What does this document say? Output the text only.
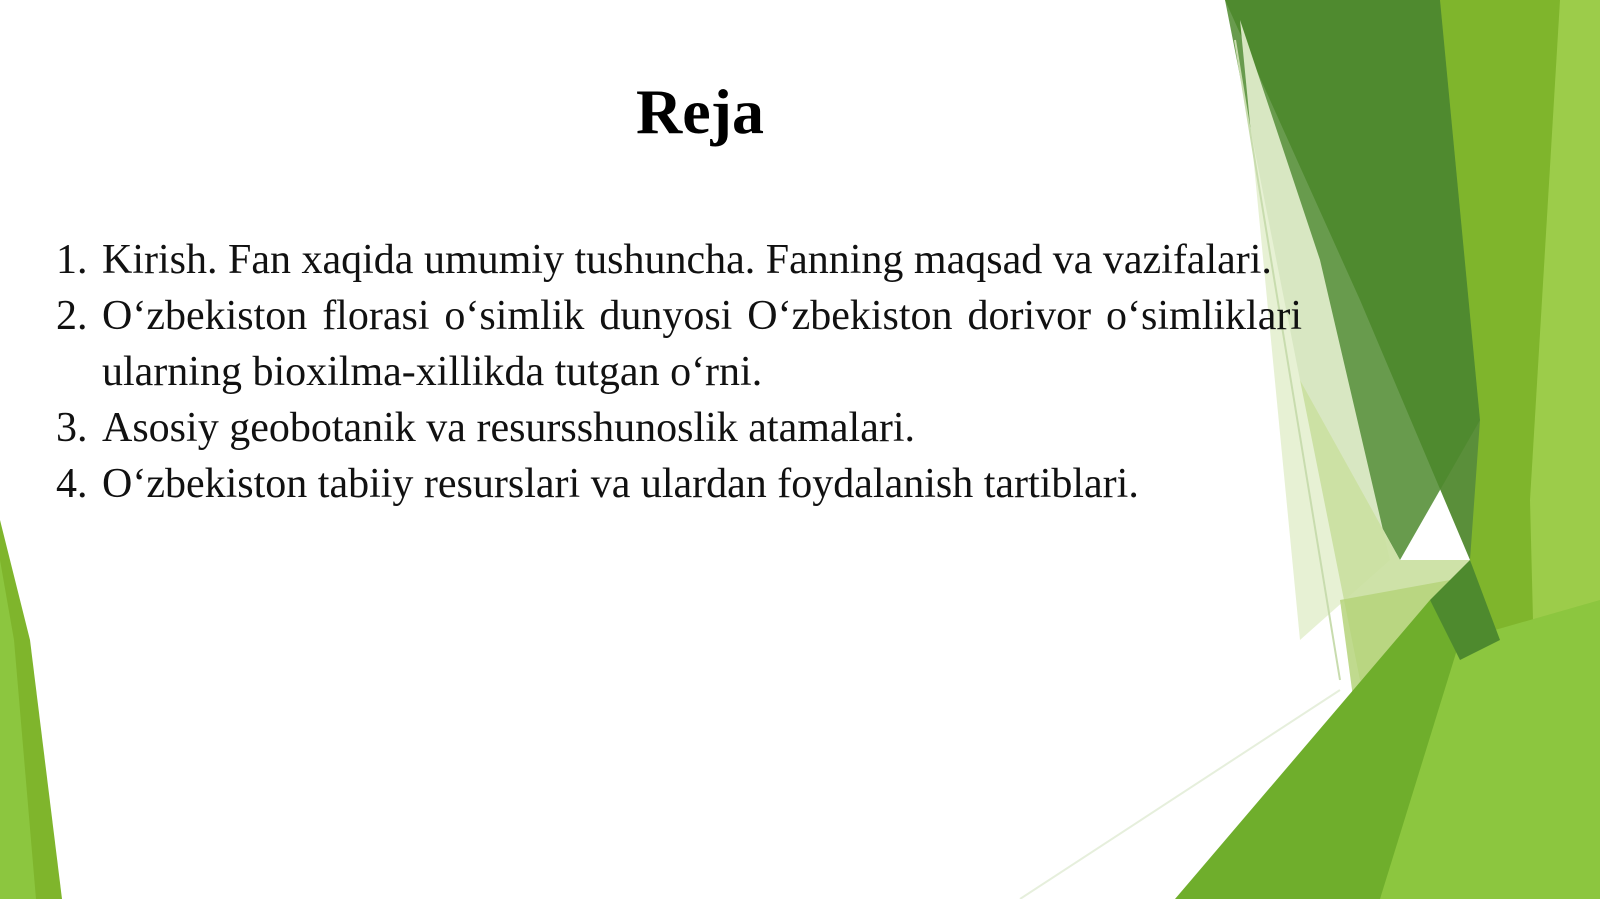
Reja
1. Kirish. Fan xaqida umumiy tushuncha. Fanning maqsad va vazifalari.
2. O‘zbekiston florasi o‘simlik dunyosi O‘zbekiston dorivor o‘simliklari ularning bioxilma-xillikda tutgan o‘rni.
3. Asosiy geobotanik va resursshunoslik atamalari.
4. O‘zbekiston tabiiy resurslari va ulardan foydalanish tartiblari.
